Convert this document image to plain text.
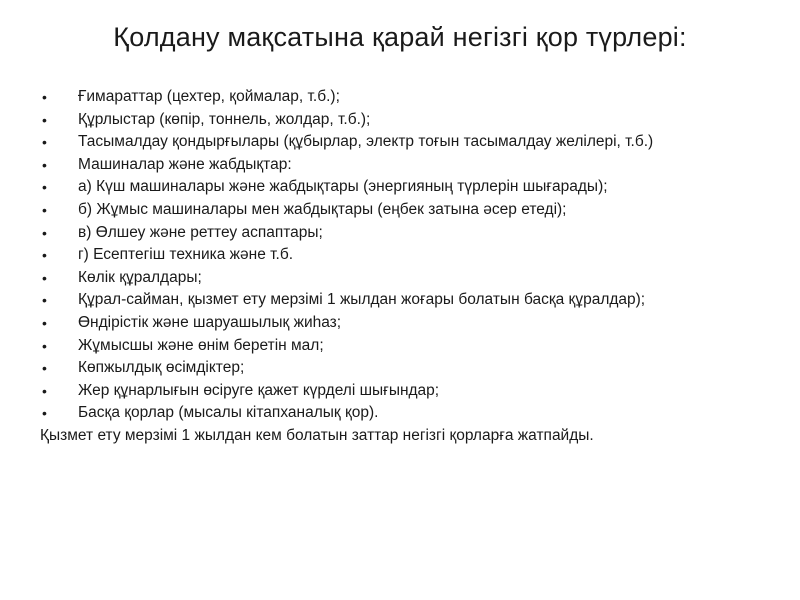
Қолдану мақсатына қарай негізгі қор түрлері:
• Ғимараттар (цехтер, қоймалар, т.б.);
• Құрлыстар (көпір, тоннель, жолдар, т.б.);
• Тасымалдау қондырғылары (құбырлар, электр тоғын тасымалдау желілері, т.б.)
• Машиналар және жабдықтар:
• а) Күш машиналары және жабдықтары (энергияның түрлерін шығарады);
• б) Жұмыс машиналары мен жабдықтары (еңбек затына әсер етеді);
• в) Өлшеу және реттеу аспаптары;
• г) Есептегіш техника және т.б.
• Көлік құралдары;
• Құрал-сайман, қызмет ету мерзімі 1 жылдан жоғары болатын басқа құралдар);
• Өндірістік және шаруашылық жиһаз;
• Жұмысшы және өнім беретін мал;
• Көпжылдық өсімдіктер;
• Жер құнарлығын өсіруге қажет күрделі шығындар;
• Басқа қорлар (мысалы кітапханалық қор).
Қызмет ету мерзімі 1 жылдан кем болатын заттар негізгі қорларға жатпайды.
